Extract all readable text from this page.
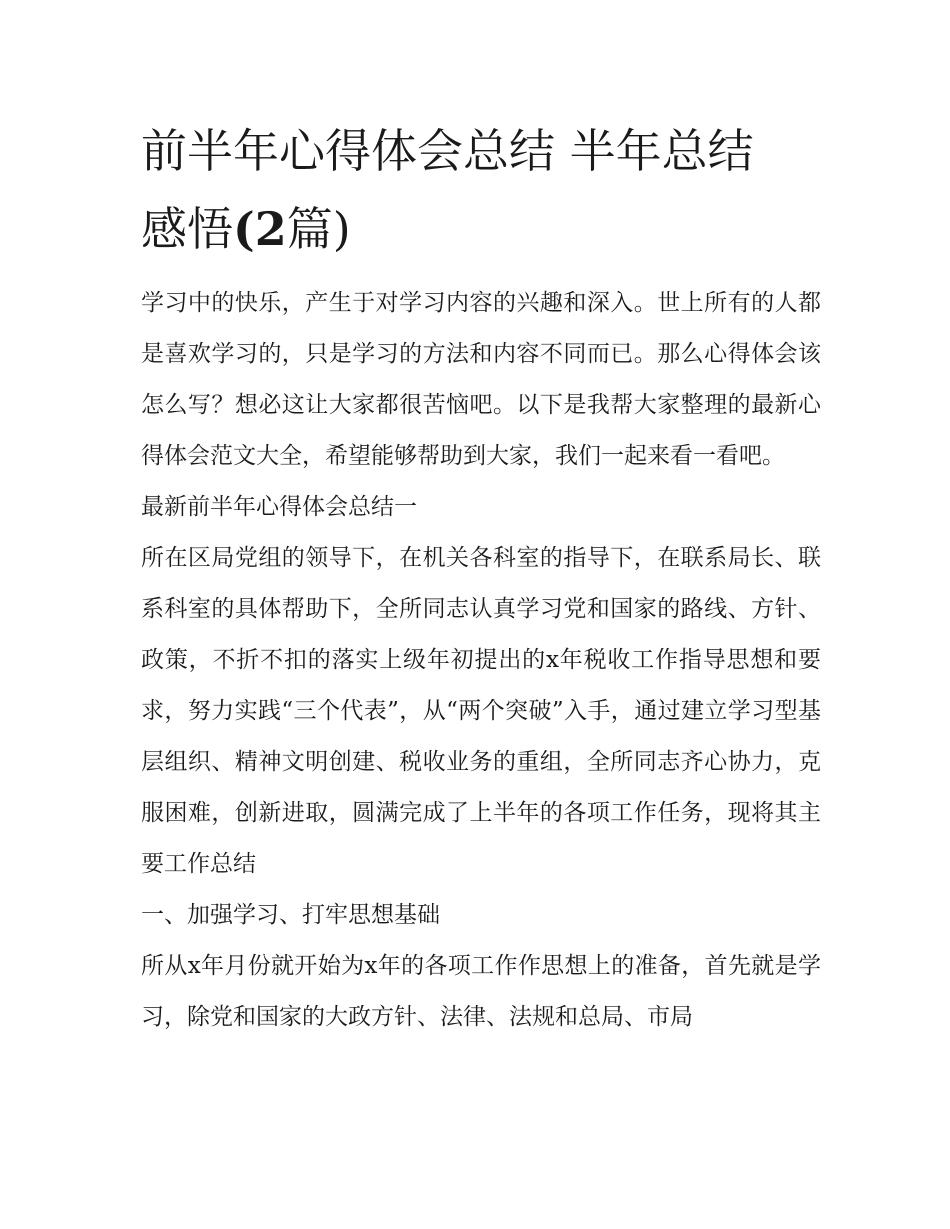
前半年心得体会总结 半年总结
感悟(2篇)

学习中的快乐，产生于对学习内容的兴趣和深入。世上所有的人都是喜欢学习的，只是学习的方法和内容不同而已。那么心得体会该怎么写？想必这让大家都很苦恼吧。以下是我帮大家整理的最新心得体会范文大全，希望能够帮助到大家，我们一起来看一看吧。

最新前半年心得体会总结一

所在区局党组的领导下，在机关各科室的指导下，在联系局长、联系科室的具体帮助下，全所同志认真学习党和国家的路线、方针、政策，不折不扣的落实上级年初提出的x年税收工作指导思想和要求，努力实践“三个代表”，从“两个突破”入手，通过建立学习型基层组织、精神文明创建、税收业务的重组，全所同志齐心协力，克服困难，创新进取，圆满完成了上半年的各项工作任务，现将其主要工作总结

一、加强学习、打牢思想基础

所从x年月份就开始为x年的各项工作作思想上的准备，首先就是学习，除党和国家的大政方针、法律、法规和总局、市局
